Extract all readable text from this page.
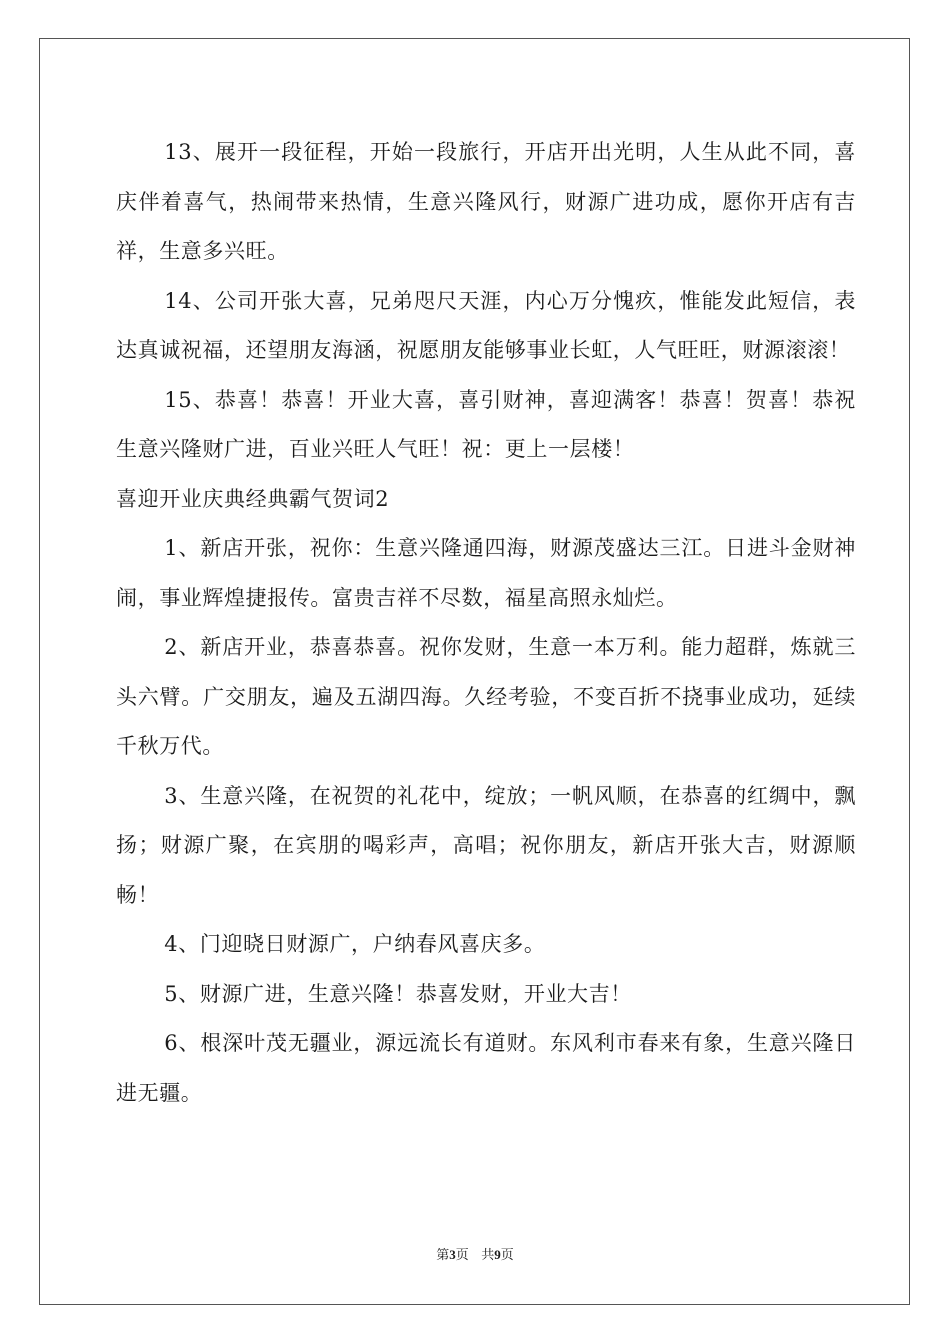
13、展开一段征程，开始一段旅行，开店开出光明，人生从此不同，喜庆伴着喜气，热闹带来热情，生意兴隆风行，财源广进功成，愿你开店有吉祥，生意多兴旺。

14、公司开张大喜，兄弟咫尺天涯，内心万分愧疚，惟能发此短信，表达真诚祝福，还望朋友海涵，祝愿朋友能够事业长虹，人气旺旺，财源滚滚！

15、恭喜！恭喜！开业大喜，喜引财神，喜迎满客！恭喜！贺喜！恭祝生意兴隆财广进，百业兴旺人气旺！祝：更上一层楼！

喜迎开业庆典经典霸气贺词2

1、新店开张，祝你：生意兴隆通四海，财源茂盛达三江。日进斗金财神闹，事业辉煌捷报传。富贵吉祥不尽数，福星高照永灿烂。

2、新店开业，恭喜恭喜。祝你发财，生意一本万利。能力超群，炼就三头六臂。广交朋友，遍及五湖四海。久经考验，不变百折不挠事业成功，延续千秋万代。

3、生意兴隆，在祝贺的礼花中，绽放；一帆风顺，在恭喜的红绸中，飘扬；财源广聚，在宾朋的喝彩声，高唱；祝你朋友，新店开张大吉，财源顺畅！

4、门迎晓日财源广，户纳春风喜庆多。

5、财源广进，生意兴隆！恭喜发财，开业大吉！

6、根深叶茂无疆业，源远流长有道财。东风利市春来有象，生意兴隆日进无疆。

第3页 共9页
